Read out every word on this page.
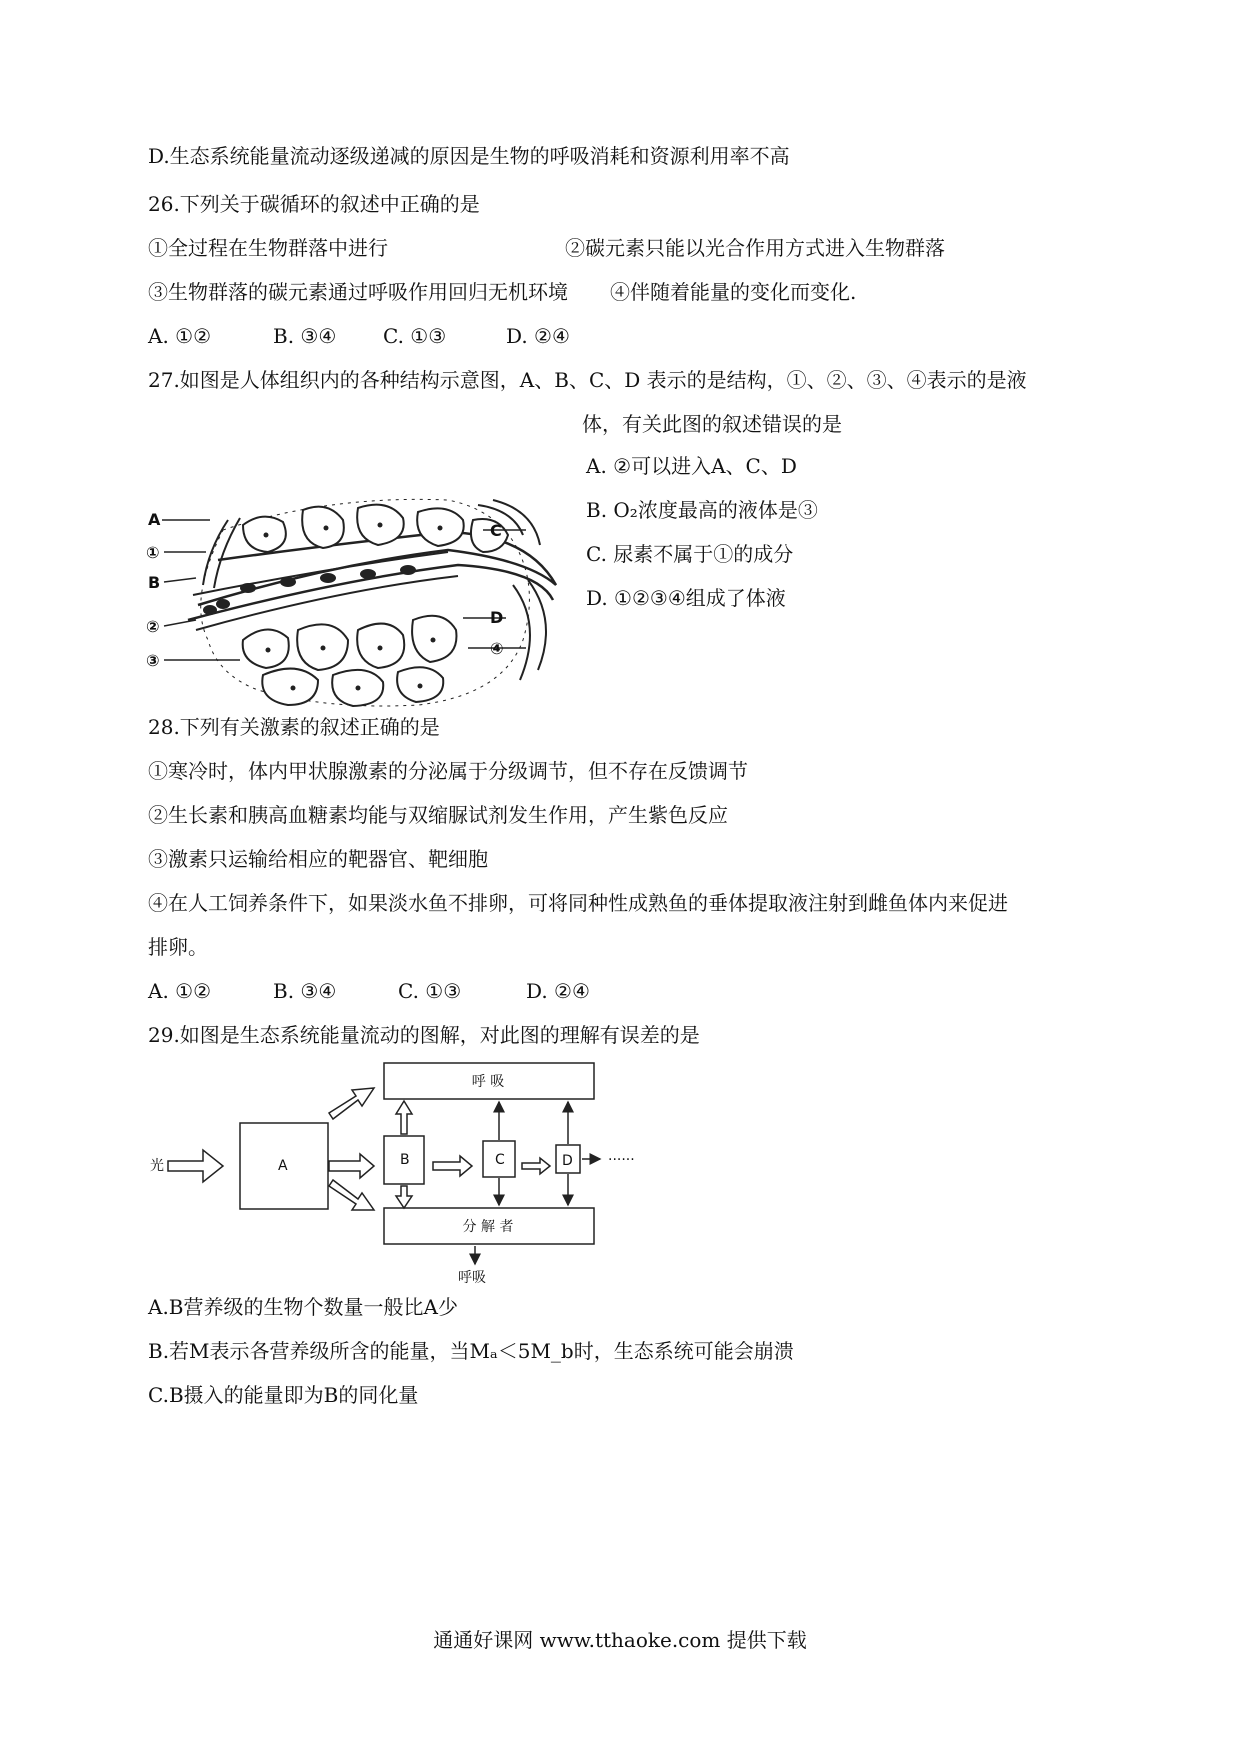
D.生态系统能量流动逐级递减的原因是生物的呼吸消耗和资源利用率不高
26.下列关于碳循环的叙述中正确的是
①全过程在生物群落中进行	②碳元素只能以光合作用方式进入生物群落
③生物群落的碳元素通过呼吸作用回归无机环境 ④伴随着能量的变化而变化.
A. ①②	B. ③④ C. ①③	D. ②④
27.如图是人体组织内的各种结构示意图，A、B、C、D 表示的是结构，①、②、③、④表示的是液
体，有关此图的叙述错误的是
A
①
B
②
③
C
D
④
A. ②可以进入A、C、D
B. O₂浓度最高的液体是③
C. 尿素不属于①的成分
D. ①②③④组成了体液
28.下列有关激素的叙述正确的是
①寒冷时，体内甲状腺激素的分泌属于分级调节，但不存在反馈调节
②生长素和胰高血糖素均能与双缩脲试剂发生作用，产生紫色反应
③激素只运输给相应的靶器官、靶细胞
④在人工饲养条件下，如果淡水鱼不排卵，可将同种性成熟鱼的垂体提取液注射到雌鱼体内来促进
排卵。
A. ①②	B. ③④	C. ①③	D. ②④
29.如图是生态系统能量流动的图解，对此图的理解有误差的是
光	A	B	C	D	······
呼 吸
分 解 者
呼吸
A.B营养级的生物个数量一般比A少
B.若M表示各营养级所含的能量，当Mₐ＜5M_b时，生态系统可能会崩溃
C.B摄入的能量即为B的同化量
通通好课网 www.tthaoke.com 提供下载
